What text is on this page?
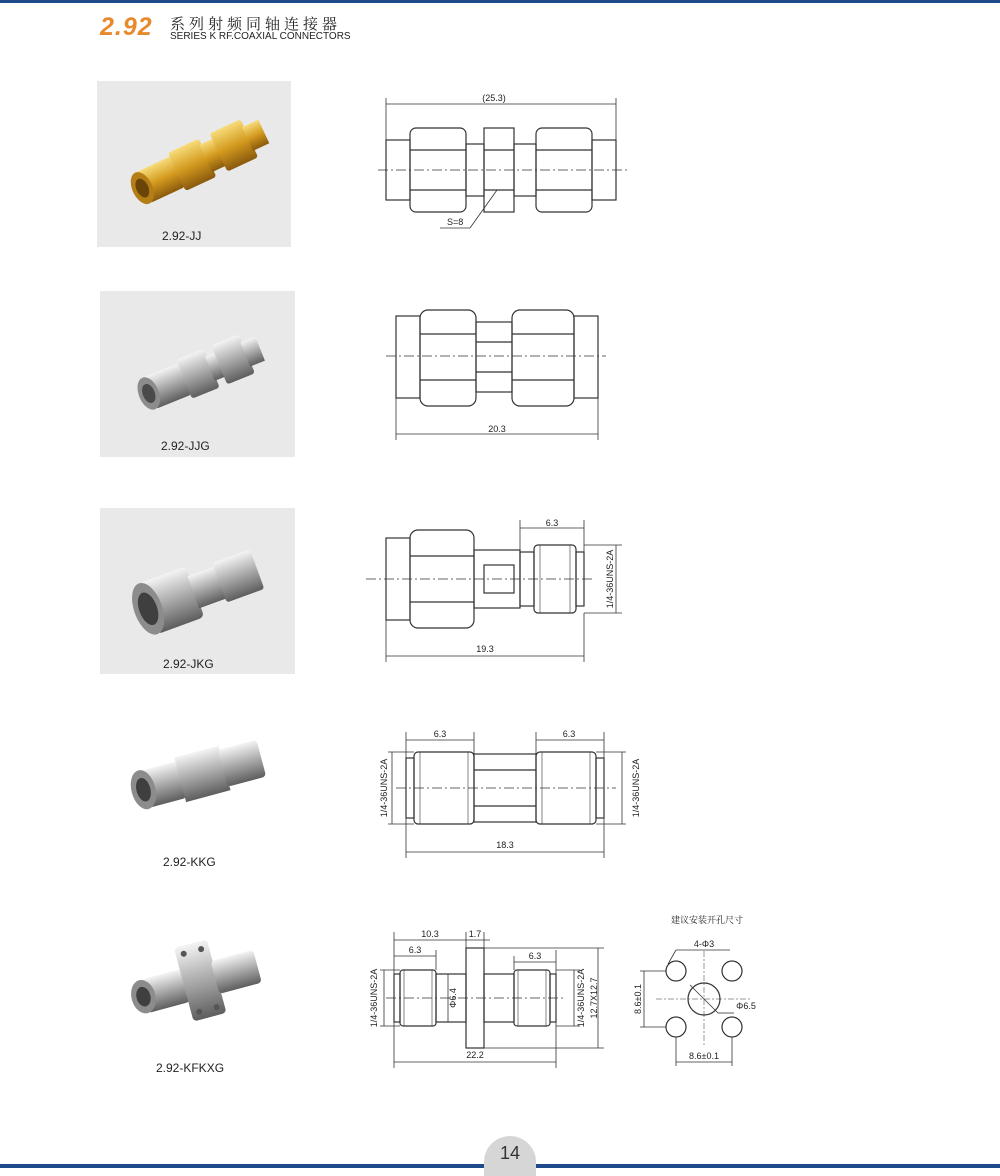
2.92 系列射频同轴连接器
SERIES K RF.COAXIAL CONNECTORS
2.92-JJ
2.92-JJG
2.92-JKG
2.92-KKG
2.92-KFKXG
(25.3)
S=8
20.3
6.3
1/4-36UNS-2A
19.3
6.3	6.3
1/4-36UNS-2A	1/4-36UNS-2A
18.3
10.3	1.7
6.3
6.3
1/4-36UNS-2A	Φ6.4	1/4-36UNS-2A 12.7X12.7
22.2
建议安装开孔尺寸
4-Φ3
Φ6.5
8.6±0.1
8.6±0.1
14
